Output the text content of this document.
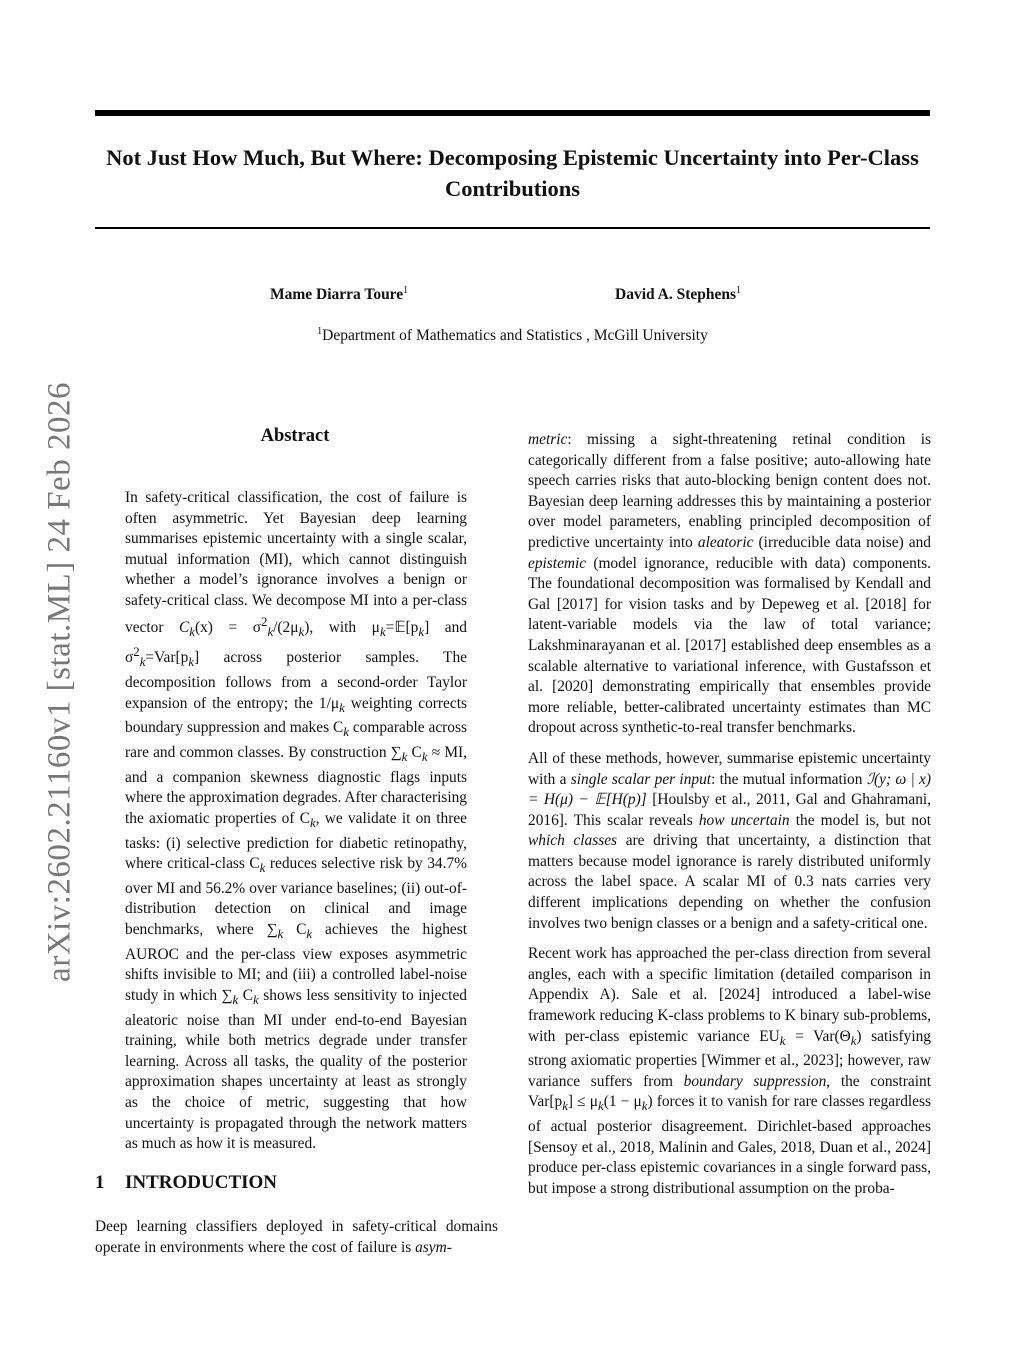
Not Just How Much, But Where: Decomposing Epistemic Uncertainty into Per-Class Contributions
Mame Diarra Toure$^1$	David A. Stephens$^1$
$^1$Department of Mathematics and Statistics , McGill University
arXiv:2602.21160v1 [stat.ML] 24 Feb 2026	Abstract
In safety-critical classification, the cost of failure is often asymmetric. Yet Bayesian deep learning summarises epistemic uncertainty with a single scalar, mutual information (MI), which cannot distinguish whether a model’s ignorance involves a benign or safety-critical class. We decompose MI into a per-class vector $C_k(x) = \sigma^2_k/(2\mu_k)$, with $\mu_k=𝔼[p_k]$ and $\sigma^2_k=Var[p_k]$ across posterior samples. The decomposition follows from a second-order Taylor expansion of the entropy; the $1/\mu_k$ weighting corrects boundary suppression and makes $C_k$ comparable across rare and common classes. By construction $\sum_k$ $C_k$ ≈ MI, and a companion skewness diagnostic flags inputs where the approximation degrades. After characterising the axiomatic properties of $C_k$, we validate it on three tasks: (i) selective prediction for diabetic retinopathy, where critical-class $C_k$ reduces selective risk by 34.7% over MI and 56.2% over variance baselines; (ii) out-of-distribution detection on clinical and image benchmarks, where $\sum_k$ $C_k$ achieves the highest AUROC and the per-class view exposes asymmetric shifts invisible to MI; and (iii) a controlled label-noise study in which $\sum_k$ $C_k$ shows less sensitivity to injected aleatoric noise than MI under end-to-end Bayesian training, while both metrics degrade under transfer learning. Across all tasks, the quality of the posterior approximation shapes uncertainty at least as strongly as the choice of metric, suggesting that how uncertainty is propagated through the network matters as much as how it is measured.
1 INTRODUCTION
Deep learning classifiers deployed in safety-critical domains operate in environments where the cost of failure is asym-

metric: missing a sight-threatening retinal condition is categorically different from a false positive; auto-allowing hate speech carries risks that auto-blocking benign content does not. Bayesian deep learning addresses this by maintaining a posterior over model parameters, enabling principled decomposition of predictive uncertainty into aleatoric (irreducible data noise) and epistemic (model ignorance, reducible with data) components. The foundational decomposition was formalised by Kendall and Gal [2017] for vision tasks and by Depeweg et al. [2018] for latent-variable models via the law of total variance; Lakshminarayanan et al. [2017] established deep ensembles as a scalable alternative to variational inference, with Gustafsson et al. [2020] demonstrating empirically that ensembles provide more reliable, better-calibrated uncertainty estimates than MC dropout across synthetic-to-real transfer benchmarks.

All of these methods, however, summarise epistemic uncertainty with a single scalar per input: the mutual information ℐ(y; ω | x) = H(μ) − 𝔼[H(p)] [Houlsby et al., 2011, Gal and Ghahramani, 2016]. This scalar reveals how uncertain the model is, but not which classes are driving that uncertainty, a distinction that matters because model ignorance is rarely distributed uniformly across the label space. A scalar MI of 0.3 nats carries very different implications depending on whether the confusion involves two benign classes or a benign and a safety-critical one.

Recent work has approached the per-class direction from several angles, each with a specific limitation (detailed comparison in Appendix A). Sale et al. [2024] introduced a label-wise framework reducing K-class problems to K binary sub-problems, with per-class epistemic variance $EU_k = Var(\Theta_k)$ satisfying strong axiomatic properties [Wimmer et al., 2023]; however, raw variance suffers from boundary suppression, the constraint $Var[p_k] \le \mu_k(1 - \mu_k)$ forces it to vanish for rare classes regardless of actual posterior disagreement. Dirichlet-based approaches [Sensoy et al., 2018, Malinin and Gales, 2018, Duan et al., 2024] produce per-class epistemic covariances in a single forward pass, but impose a strong distributional assumption on the proba-
